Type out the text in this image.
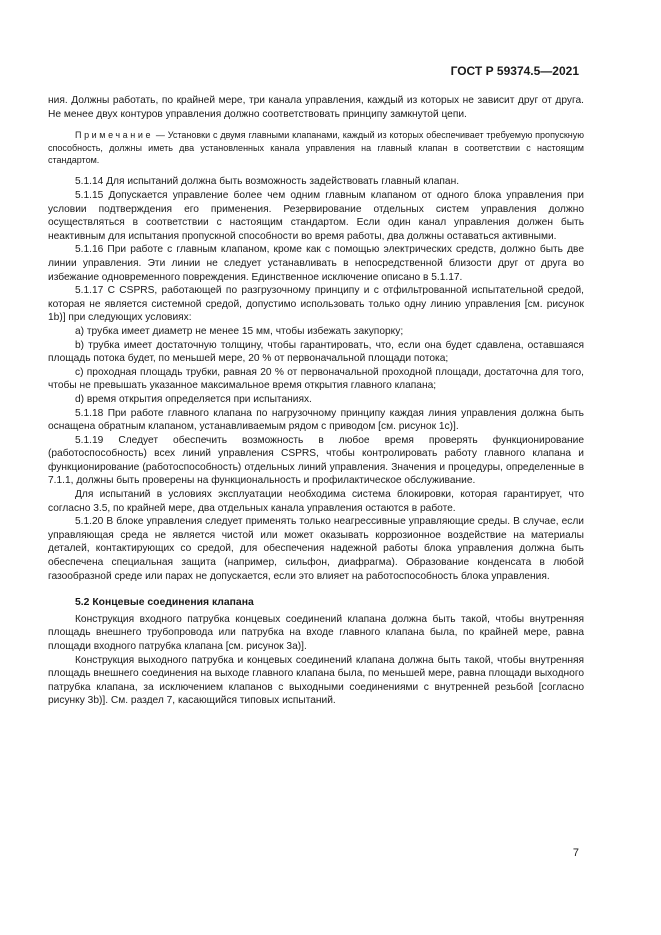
ГОСТ Р 59374.5—2021

ния. Должны работать, по крайней мере, три канала управления, каждый из которых не зависит друг от друга. Не менее двух контуров управления должно соответствовать принципу замкнутой цепи.

Примечание — Установки с двумя главными клапанами, каждый из которых обеспечивает требуемую пропускную способность, должны иметь два установленных канала управления на главный клапан в соответствии с настоящим стандартом.

5.1.14 Для испытаний должна быть возможность задействовать главный клапан.

5.1.15 Допускается управление более чем одним главным клапаном от одного блока управления при условии подтверждения его применения. Резервирование отдельных систем управления должно осуществляться в соответствии с настоящим стандартом. Если один канал управления должен быть неактивным для испытания пропускной способности во время работы, два должны оставаться активными.

5.1.16 При работе с главным клапаном, кроме как с помощью электрических средств, должно быть две линии управления. Эти линии не следует устанавливать в непосредственной близости друг от друга во избежание одновременного повреждения. Единственное исключение описано в 5.1.17.

5.1.17 С CSPRS, работающей по разгрузочному принципу и с отфильтрованной испытательной средой, которая не является системной средой, допустимо использовать только одну линию управления [см. рисунок 1b)] при следующих условиях:

a) трубка имеет диаметр не менее 15 мм, чтобы избежать закупорку;

b) трубка имеет достаточную толщину, чтобы гарантировать, что, если она будет сдавлена, оставшаяся площадь потока будет, по меньшей мере, 20 % от первоначальной площади потока;

c) проходная площадь трубки, равная 20 % от первоначальной проходной площади, достаточна для того, чтобы не превышать указанное максимальное время открытия главного клапана;

d) время открытия определяется при испытаниях.

5.1.18 При работе главного клапана по нагрузочному принципу каждая линия управления должна быть оснащена обратным клапаном, устанавливаемым рядом с приводом [см. рисунок 1c)].

5.1.19 Следует обеспечить возможность в любое время проверять функционирование (работоспособность) всех линий управления CSPRS, чтобы контролировать работу главного клапана и функционирование (работоспособность) отдельных линий управления. Значения и процедуры, определенные в 7.1.1, должны быть проверены на функциональность и профилактическое обслуживание.

Для испытаний в условиях эксплуатации необходима система блокировки, которая гарантирует, что согласно 3.5, по крайней мере, два отдельных канала управления остаются в работе.

5.1.20 В блоке управления следует применять только неагрессивные управляющие среды. В случае, если управляющая среда не является чистой или может оказывать коррозионное воздействие на материалы деталей, контактирующих со средой, для обеспечения надежной работы блока управления должна быть обеспечена специальная защита (например, сильфон, диафрагма). Образование конденсата в любой газообразной среде или парах не допускается, если это влияет на работоспособность блока управления.

5.2 Концевые соединения клапана

Конструкция входного патрубка концевых соединений клапана должна быть такой, чтобы внутренняя площадь внешнего трубопровода или патрубка на входе главного клапана была, по крайней мере, равна площади входного патрубка клапана [см. рисунок 3a)].

Конструкция выходного патрубка и концевых соединений клапана должна быть такой, чтобы внутренняя площадь внешнего соединения на выходе главного клапана была, по меньшей мере, равна площади выходного патрубка клапана, за исключением клапанов с выходными соединениями с внутренней резьбой [согласно рисунку 3b)]. См. раздел 7, касающийся типовых испытаний.

7
